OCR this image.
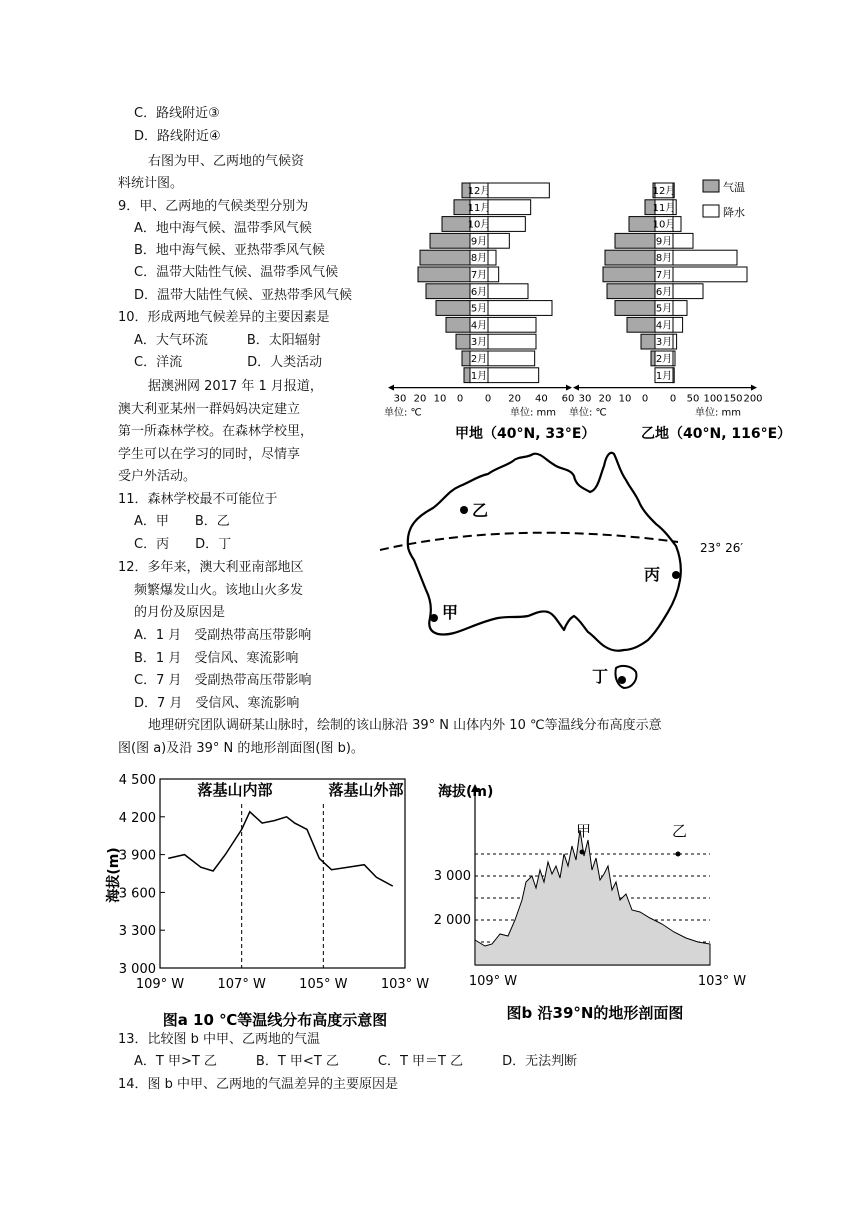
C．路线附近③
D．路线附近④
右图为甲、乙两地的气候资
料统计图。
9．甲、乙两地的气候类型分别为
A．地中海气候、温带季风气候
B．地中海气候、亚热带季风气候
C．温带大陆性气候、温带季风气候
D．温带大陆性气候、亚热带季风气候
10．形成两地气候差异的主要因素是
A．大气环流　　　B．太阳辐射
C．洋流　　　　　D．人类活动
据澳洲网 2017 年 1 月报道，
澳大利亚某州一群妈妈决定建立
第一所森林学校。在森林学校里，
学生可以在学习的同时，尽情享
受户外活动。
11．森林学校最不可能位于
A．甲　　B．乙
C．丙　　D．丁
12．多年来，澳大利亚南部地区
频繁爆发山火。该地山火多发
的月份及原因是
A．1 月　受副热带高压带影响
B．1 月　受信风、寒流影响
C．7 月　受副热带高压带影响
D．7 月　受信风、寒流影响
地理研究团队调研某山脉时，绘制的该山脉沿 39° N 山体内外 10 ℃等温线分布高度示意
图(图 a)及沿 39° N 的地形剖面图(图 b)。
13．比较图 b 中甲、乙两地的气温
A．T 甲>T 乙　　　B．T 甲<T 乙　　　C．T 甲＝T 乙　　　D．无法判断
14．图 b 中甲、乙两地的气温差异的主要原因是
1月
2月
3月
4月
5月
6月
7月
8月
9月
10月
11月
12月
30 20 10 0 0 20 40 60
单位: ℃	单位: mm
1月
2月
3月
4月
5月
6月
7月
8月
9月
10月
11月
12月
30 20 10 0 0 50 100 150 200
单位: ℃	单位: mm
气温
降水
甲地（40°N, 33°E）	乙地（40°N, 116°E）
23° 26′
乙
甲
丙
丁
4 500
4 200
3 900
3 600
3 300
3 000
109° W	107° W	105° W	103° W
海拔(m)
落基山内部	落基山外部
图a 10 ℃等温线分布高度示意图
海拔(m)
3 000
2 000
甲	乙
109° W	103° W
图b 沿39°N的地形剖面图
